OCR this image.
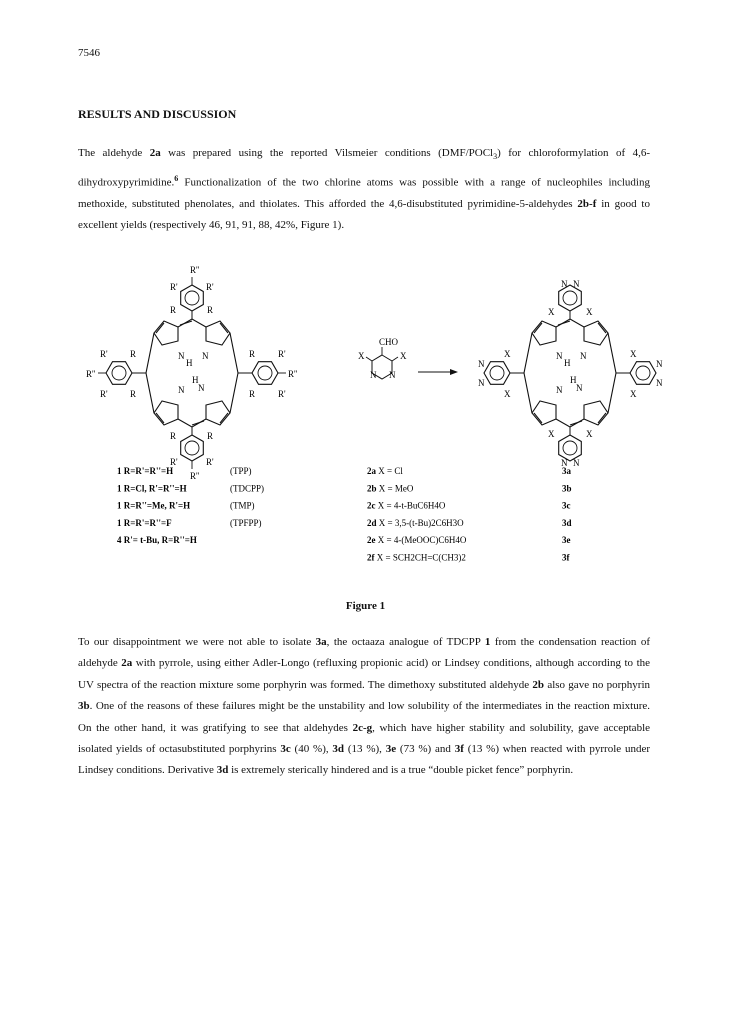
7546
RESULTS AND DISCUSSION

The aldehyde 2a was prepared using the reported Vilsmeier conditions (DMF/POCl$_3$) for chloroformylation of 4,6-dihydroxypyrimidine.$^6$ Functionalization of the two chlorine atoms was possible with a range of nucleophiles including methoxide, substituted phenolates, and thiolates. This afforded the 4,6-disubstituted pyrimidine-5-aldehydes 2b-f in good to excellent yields (respectively 46, 91, 91, 88, 42%, Figure 1).

R''
R'	R'
R	R
R''
R'	R'
R	R
R''
R'
R'
R
R
R''
R'
R'
R
R
N
H
N
N
H
N
CHO
X
X
N N
N N
X	X
N N
X	X
N
N
X
X
N
N
X
X
N
H
N
N
H
N
1 R=R'=R''=H	(TPP)
1 R=Cl, R'=R''=H	(TDCPP)
1 R=R''=Me, R'=H	(TMP)
1 R=R'=R''=F	(TPFPP)
4 R'= t-Bu, R=R''=H
2a X = Cl	3a
2b X = MeO	3b
2c X = 4-t-BuC6H4O	3c
2d X = 3,5-(t-Bu)2C6H3O	3d
2e X = 4-(MeOOC)C6H4O	3e
2f X = SCH2CH=C(CH3)2	3f
Figure 1

To our disappointment we were not able to isolate 3a, the octaaza analogue of TDCPP 1 from the condensation reaction of aldehyde 2a with pyrrole, using either Adler-Longo (refluxing propionic acid) or Lindsey conditions, although according to the UV spectra of the reaction mixture some porphyrin was formed. The dimethoxy substituted aldehyde 2b also gave no porphyrin 3b. One of the reasons of these failures might be the unstability and low solubility of the intermediates in the reaction mixture. On the other hand, it was gratifying to see that aldehydes 2c-g, which have higher stability and solubility, gave acceptable isolated yields of octasubstituted porphyrins 3c (40 %), 3d (13 %), 3e (73 %) and 3f (13 %) when reacted with pyrrole under Lindsey conditions. Derivative 3d is extremely sterically hindered and is a true “double picket fence” porphyrin.
